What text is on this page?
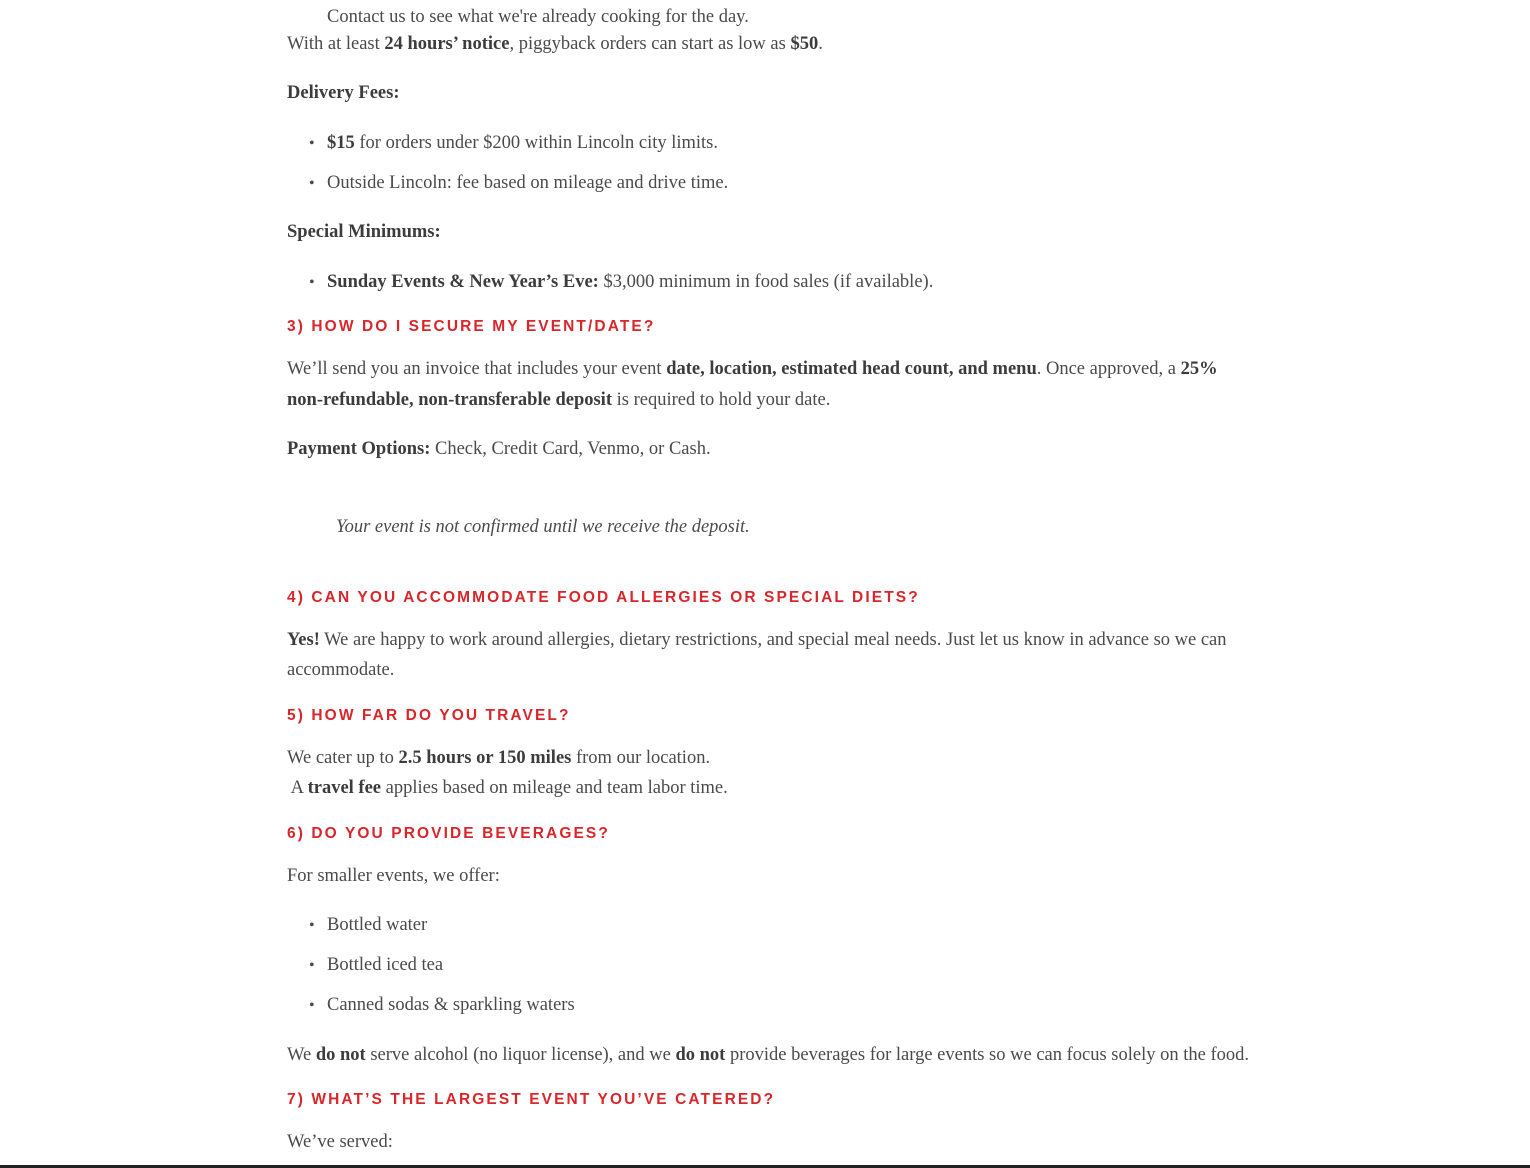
Contact us to see what we're already cooking for the day.

With at least 24 hours’ notice, piggyback orders can start as low as $50.

Delivery Fees:

• $15 for orders under $200 within Lincoln city limits.

• Outside Lincoln: fee based on mileage and drive time.

Special Minimums:

• Sunday Events & New Year’s Eve: $3,000 minimum in food sales (if available).

3) HOW DO I SECURE MY EVENT/DATE?

We’ll send you an invoice that includes your event date, location, estimated head count, and menu. Once approved, a 25%

non-refundable, non-transferable deposit is required to hold your date.

Payment Options: Check, Credit Card, Venmo, or Cash.

Your event is not confirmed until we receive the deposit.

4) CAN YOU ACCOMMODATE FOOD ALLERGIES OR SPECIAL DIETS?

Yes! We are happy to work around allergies, dietary restrictions, and special meal needs. Just let us know in advance so we can

accommodate.

5) HOW FAR DO YOU TRAVEL?

We cater up to 2.5 hours or 150 miles from our location.

A travel fee applies based on mileage and team labor time.

6) DO YOU PROVIDE BEVERAGES?

For smaller events, we offer:

• Bottled water

• Bottled iced tea

• Canned sodas & sparkling waters

We do not serve alcohol (no liquor license), and we do not provide beverages for large events so we can focus solely on the food.

7) WHAT’S THE LARGEST EVENT YOU’VE CATERED?

We’ve served:
